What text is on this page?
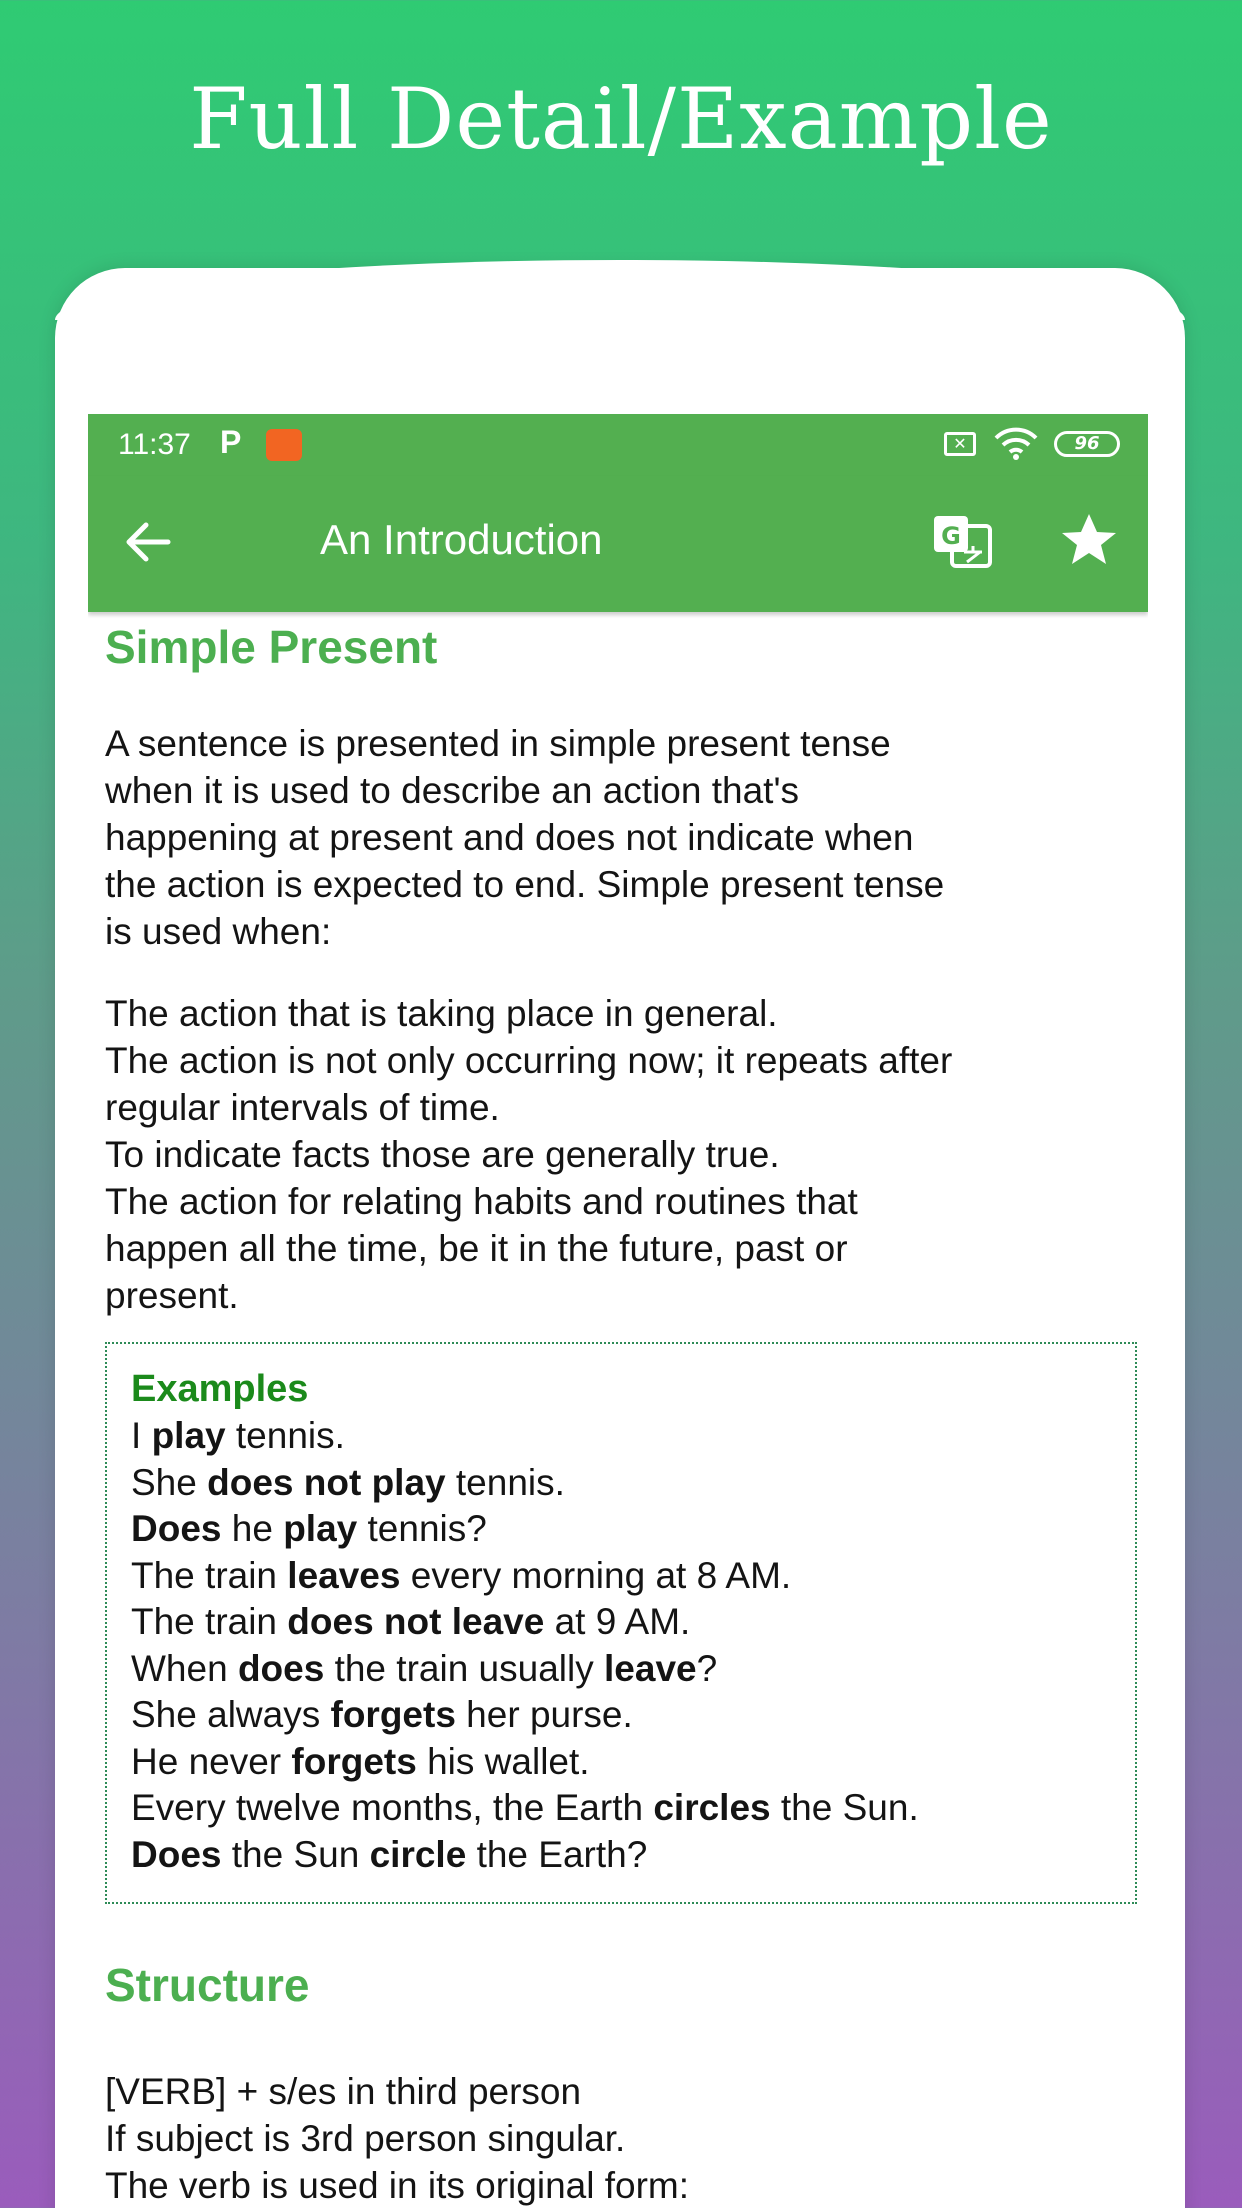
Full Detail/Example
11:37 P	✕	96
An Introduction	G
Simple Present
A sentence is presented in simple present tense
when it is used to describe an action that's
happening at present and does not indicate when
the action is expected to end. Simple present tense
is used when:
The action that is taking place in general.
The action is not only occurring now; it repeats after
regular intervals of time.
To indicate facts those are generally true.
The action for relating habits and routines that
happen all the time, be it in the future, past or
present.
Examples
I play tennis.
She does not play tennis.
Does he play tennis?
The train leaves every morning at 8 AM.
The train does not leave at 9 AM.
When does the train usually leave?
She always forgets her purse.
He never forgets his wallet.
Every twelve months, the Earth circles the Sun.
Does the Sun circle the Earth?
Structure
[VERB] + s/es in third person
If subject is 3rd person singular.
The verb is used in its original form:
